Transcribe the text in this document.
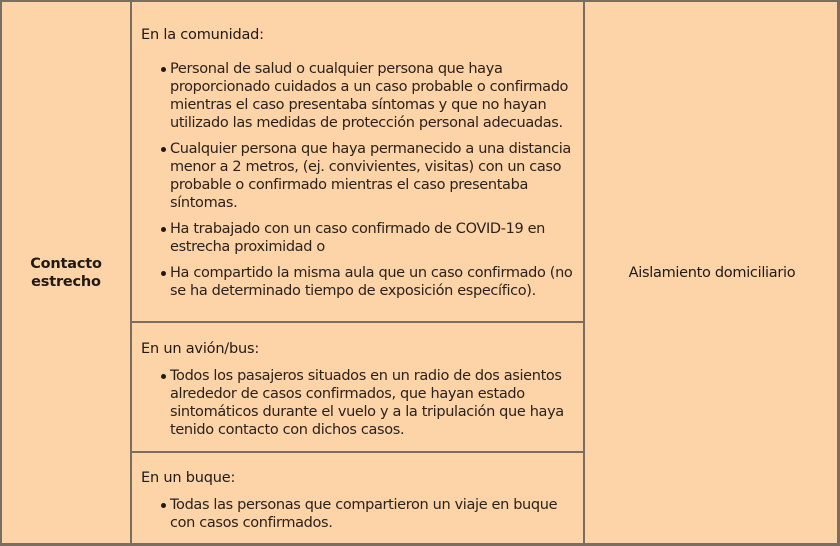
Contacto estrecho
En la comunidad:
Personal de salud o cualquier persona que haya proporcionado cuidados a un caso probable o confirmado mientras el caso presentaba síntomas y que no hayan utilizado las medidas de protección personal adecuadas.
Cualquier persona que haya permanecido a una distancia menor a 2 metros, (ej. convivientes, visitas) con un caso probable o confirmado mientras el caso presentaba síntomas.
Ha trabajado con un caso confirmado de COVID-19 en estrecha proximidad o
Ha compartido la misma aula que un caso confirmado (no se ha determinado tiempo de exposición específico).
En un avión/bus:
Todos los pasajeros situados en un radio de dos asientos alrededor de casos confirmados, que hayan estado sintomáticos durante el vuelo y a la tripulación que haya tenido contacto con dichos casos.
En un buque:
Todas las personas que compartieron un viaje en buque con casos confirmados.
Aislamiento domiciliario
